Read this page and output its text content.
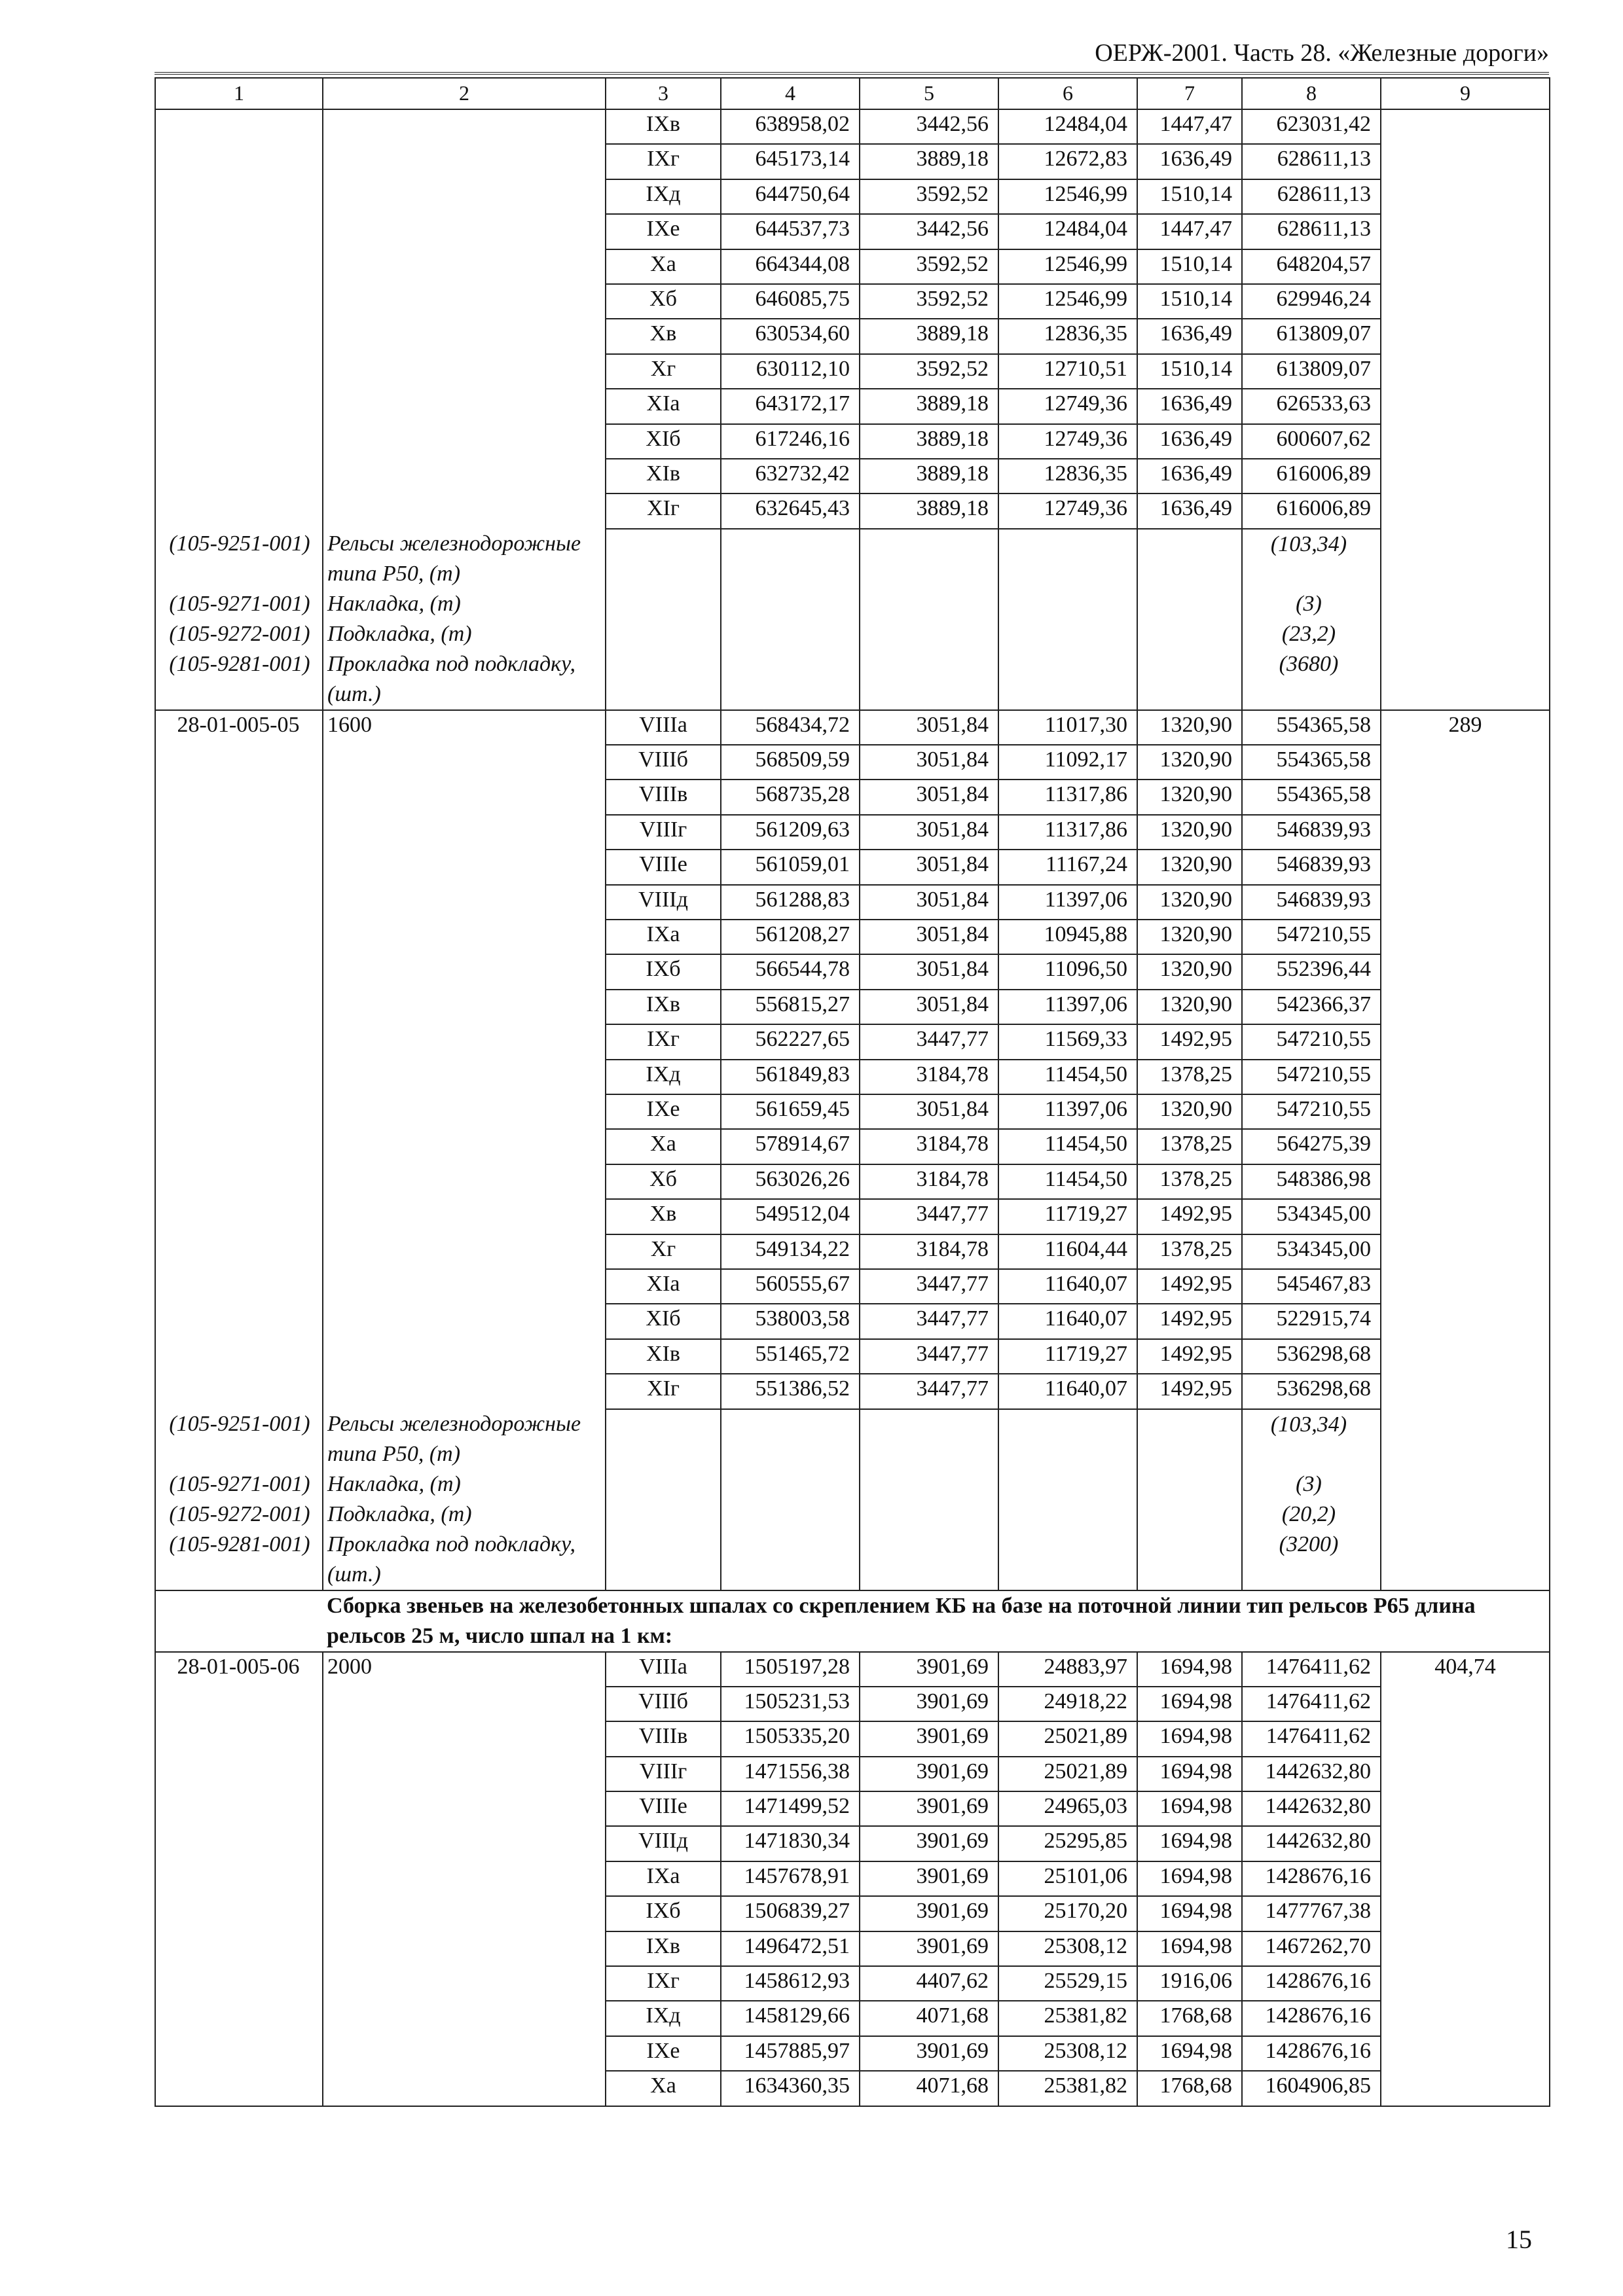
ОЕРЖ-2001. Часть 28. «Железные дороги»
1	2	3	4	5	6	7	8	9
		IХв	638958,02	3442,56	12484,04	1447,47	623031,42	
		IХг	645173,14	3889,18	12672,83	1636,49	628611,13	
		IХд	644750,64	3592,52	12546,99	1510,14	628611,13	
		IХе	644537,73	3442,56	12484,04	1447,47	628611,13	
		Ха	664344,08	3592,52	12546,99	1510,14	648204,57	
		Хб	646085,75	3592,52	12546,99	1510,14	629946,24	
		Хв	630534,60	3889,18	12836,35	1636,49	613809,07	
		Хг	630112,10	3592,52	12710,51	1510,14	613809,07	
		ХIа	643172,17	3889,18	12749,36	1636,49	626533,63	
		ХIб	617246,16	3889,18	12749,36	1636,49	600607,62	
		ХIв	632732,42	3889,18	12836,35	1636,49	616006,89	
		ХIг	632645,43	3889,18	12749,36	1636,49	616006,89	
(105-9251-001)	Рельсы железнодорожные типа Р50, (т)						(103,34)	
(105-9271-001)	Накладка, (т)						(3)	
(105-9272-001)	Подкладка, (т)						(23,2)	
(105-9281-001)	Прокладка под подкладку, (шт.)						(3680)	
28-01-005-05	1600	VIIIа	568434,72	3051,84	11017,30	1320,90	554365,58	289
		VIIIб	568509,59	3051,84	11092,17	1320,90	554365,58	
		VIIIв	568735,28	3051,84	11317,86	1320,90	554365,58	
		VIIIг	561209,63	3051,84	11317,86	1320,90	546839,93	
		VIIIе	561059,01	3051,84	11167,24	1320,90	546839,93	
		VIIIд	561288,83	3051,84	11397,06	1320,90	546839,93	
		IХа	561208,27	3051,84	10945,88	1320,90	547210,55	
		IХб	566544,78	3051,84	11096,50	1320,90	552396,44	
		IХв	556815,27	3051,84	11397,06	1320,90	542366,37	
		IХг	562227,65	3447,77	11569,33	1492,95	547210,55	
		IХд	561849,83	3184,78	11454,50	1378,25	547210,55	
		IХе	561659,45	3051,84	11397,06	1320,90	547210,55	
		Ха	578914,67	3184,78	11454,50	1378,25	564275,39	
		Хб	563026,26	3184,78	11454,50	1378,25	548386,98	
		Хв	549512,04	3447,77	11719,27	1492,95	534345,00	
		Хг	549134,22	3184,78	11604,44	1378,25	534345,00	
		ХIа	560555,67	3447,77	11640,07	1492,95	545467,83	
		ХIб	538003,58	3447,77	11640,07	1492,95	522915,74	
		ХIв	551465,72	3447,77	11719,27	1492,95	536298,68	
		ХIг	551386,52	3447,77	11640,07	1492,95	536298,68	
(105-9251-001)	Рельсы железнодорожные типа Р50, (т)						(103,34)	
(105-9271-001)	Накладка, (т)						(3)	
(105-9272-001)	Подкладка, (т)						(20,2)	
(105-9281-001)	Прокладка под подкладку, (шт.)						(3200)	
	Сборка звеньев на железобетонных шпалах со скреплением КБ на базе на поточной линии тип рельсов Р65 длина рельсов 25 м, число шпал на 1 км:							
28-01-005-06	2000	VIIIа	1505197,28	3901,69	24883,97	1694,98	1476411,62	404,74
		VIIIб	1505231,53	3901,69	24918,22	1694,98	1476411,62	
		VIIIв	1505335,20	3901,69	25021,89	1694,98	1476411,62	
		VIIIг	1471556,38	3901,69	25021,89	1694,98	1442632,80	
		VIIIе	1471499,52	3901,69	24965,03	1694,98	1442632,80	
		VIIIд	1471830,34	3901,69	25295,85	1694,98	1442632,80	
		IХа	1457678,91	3901,69	25101,06	1694,98	1428676,16	
		IХб	1506839,27	3901,69	25170,20	1694,98	1477767,38	
		IХв	1496472,51	3901,69	25308,12	1694,98	1467262,70	
		IХг	1458612,93	4407,62	25529,15	1916,06	1428676,16	
		IХд	1458129,66	4071,68	25381,82	1768,68	1428676,16	
		IХе	1457885,97	3901,69	25308,12	1694,98	1428676,16	
		Ха	1634360,35	4071,68	25381,82	1768,68	1604906,85	
15
